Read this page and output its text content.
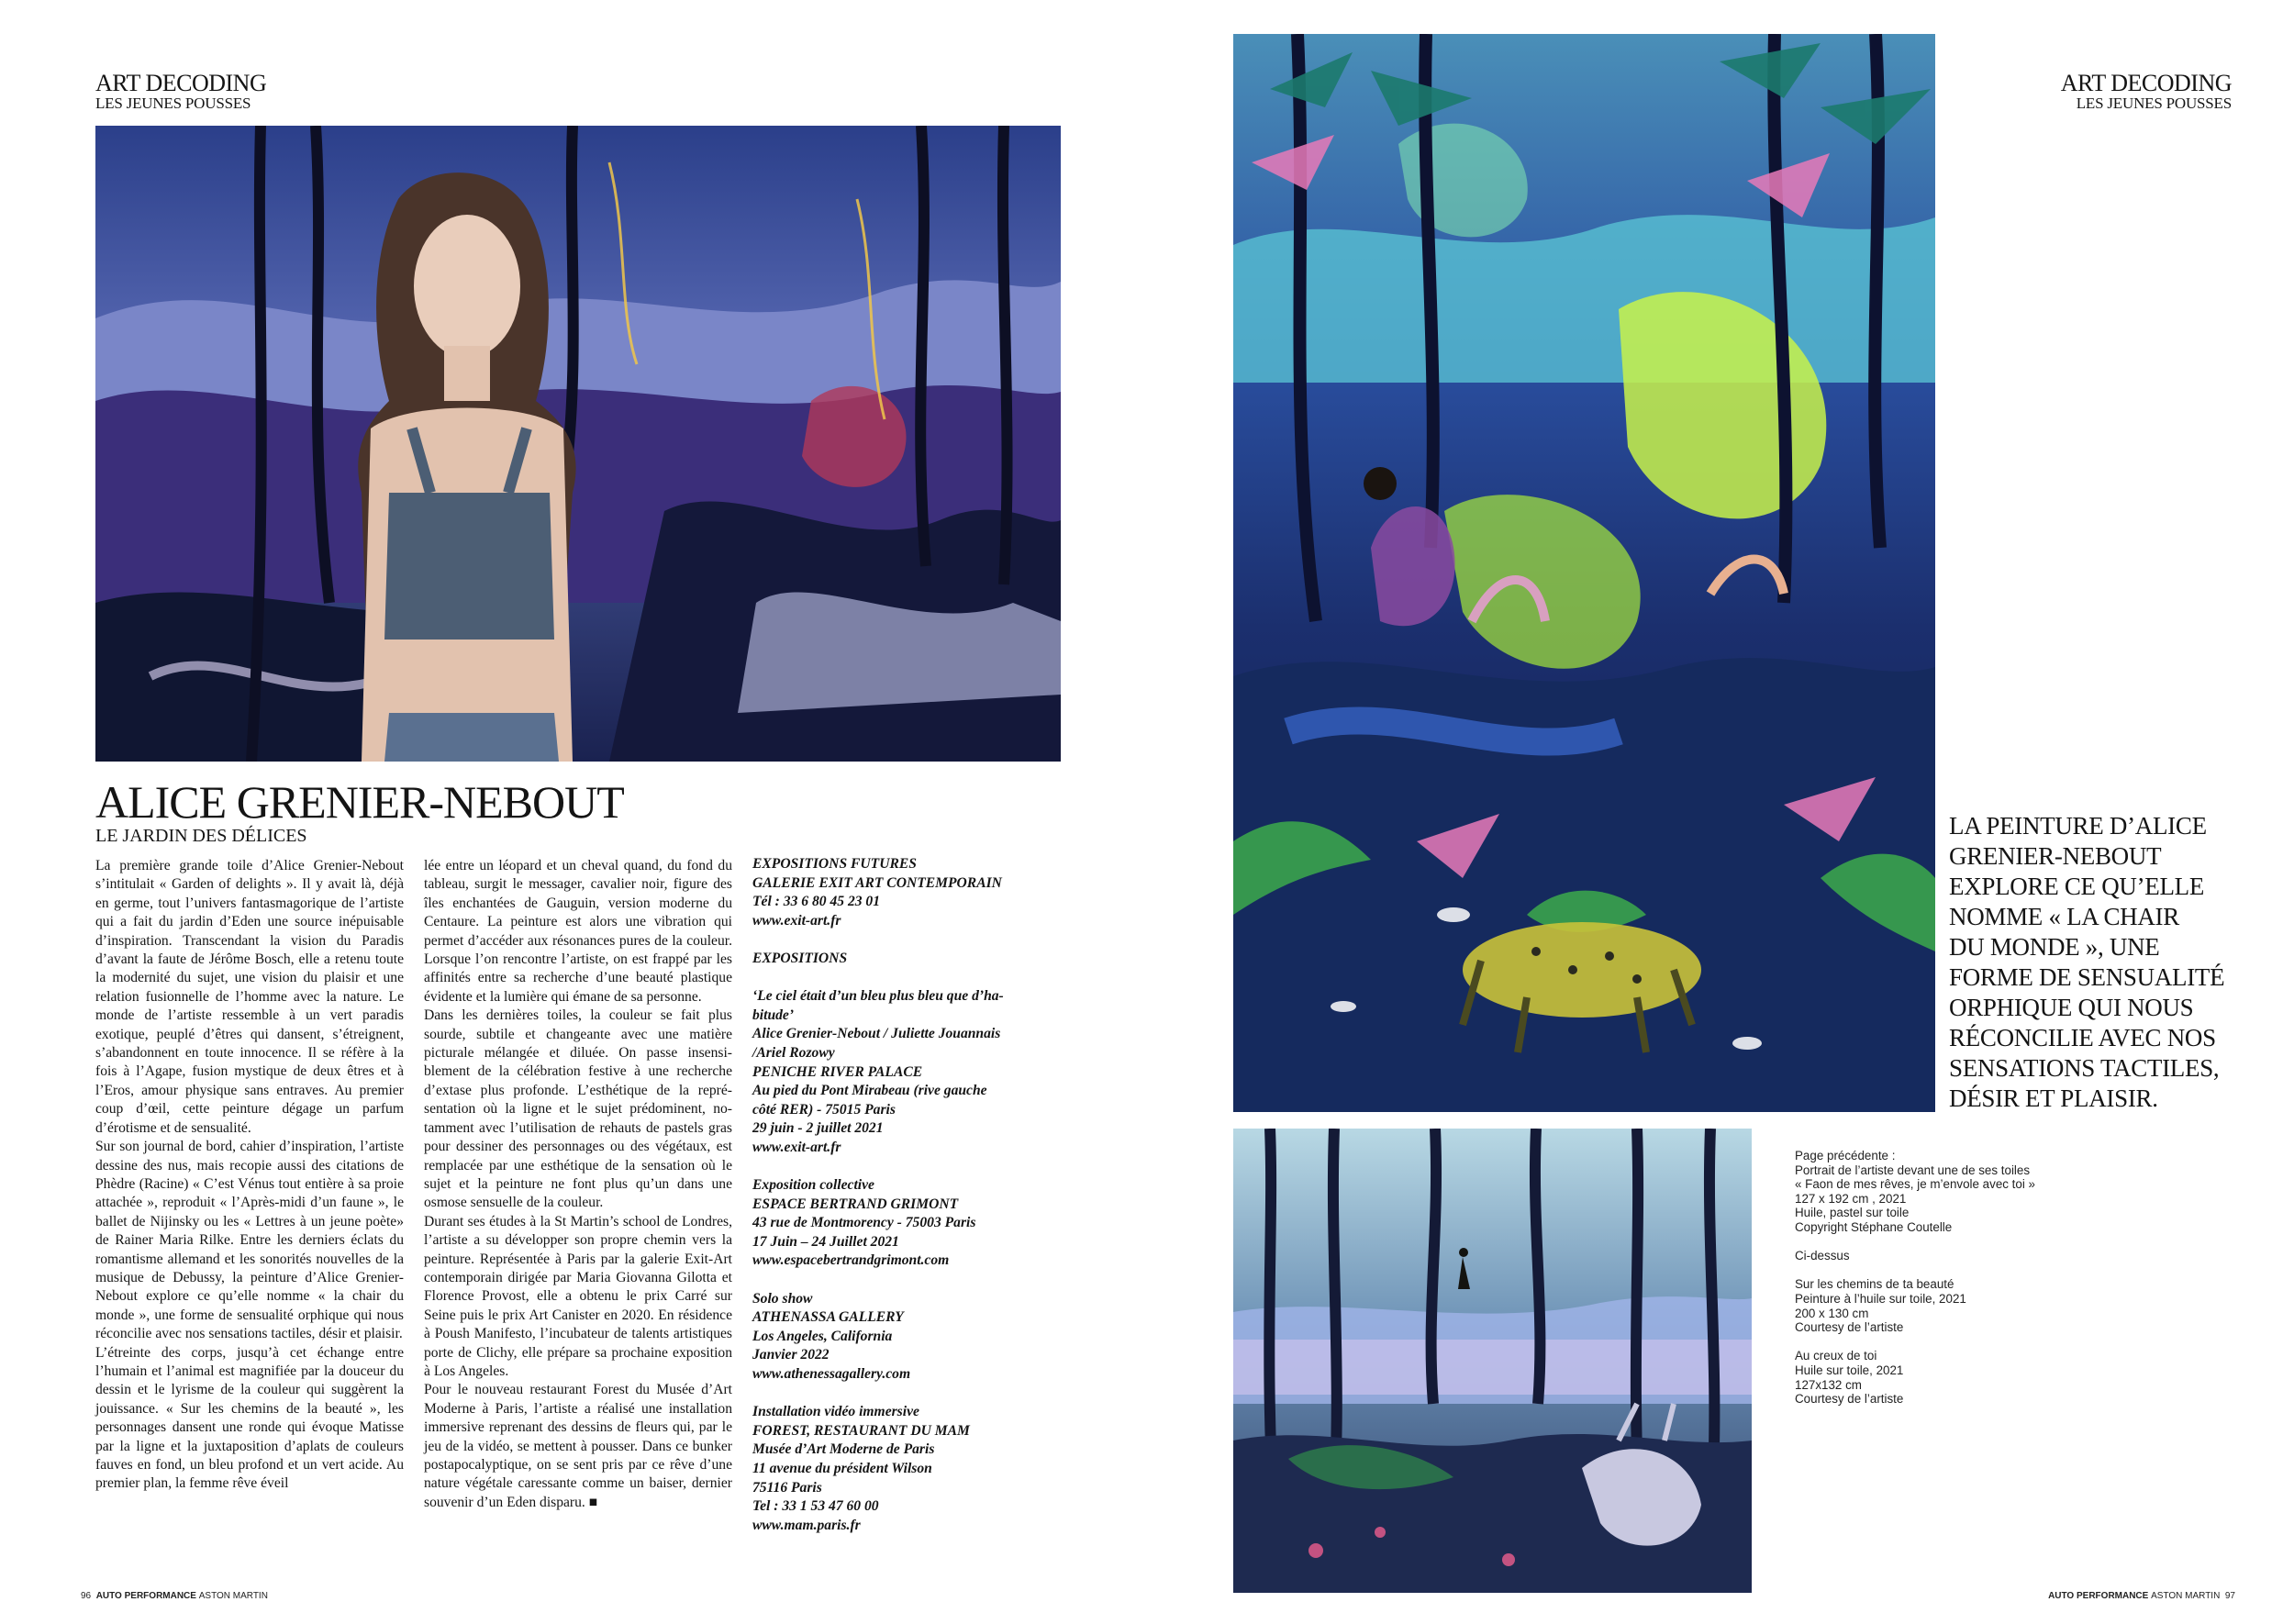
ART DECODING
LES JEUNES POUSSES
ALICE GRENIER-NEBOUT
LE JARDIN DES DÉLICES

La première grande toile d’Alice Grenier-Nebout s’intitulait « Garden of delights ». Il y avait là, déjà en germe, tout l’univers fantasmagorique de l’artiste qui a fait du jardin d’Eden une source inépuisable d’inspiration. Transcendant la vision du Paradis d’avant la faute de Jérôme Bosch, elle a retenu toute la modernité du sujet, une vision du plaisir et une relation fusionnelle de l’homme avec la nature. Le monde de l’artiste ressemble à un vert paradis exotique, peuplé d’êtres qui dansent, s’étreignent, s’abandonnent en toute innocence. Il se réfère à la fois à l’Agape, fusion mystique de deux êtres et à l’Eros, amour physique sans entraves. Au premier coup d’œil, cette peinture dégage un parfum d’érotisme et de sensualité.

Sur son journal de bord, cahier d’inspiration, l’artiste dessine des nus, mais recopie aussi des citations de Phèdre (Racine) « C’est Vénus tout entière à sa proie attachée », reproduit « l’Après-midi d’un faune », le ballet de Nijinsky ou les « Lettres à un jeune poète» de Rainer Maria Rilke. Entre les derniers éclats du romantisme allemand et les sonorités nouvelles de la musique de Debussy, la peinture d’Alice Grenier-Nebout explore ce qu’elle nomme « la chair du monde », une forme de sensualité orphique qui nous réconcilie avec nos sensations tactiles, désir et plaisir.

L’étreinte des corps, jusqu’à cet échange entre l’humain et l’animal est magnifiée par la douceur du dessin et le lyrisme de la couleur qui suggèrent la jouissance. « Sur les chemins de la beauté », les personnages dansent une ronde qui évoque Matisse par la ligne et la juxtaposition d’aplats de couleurs fauves en fond, un bleu profond et un vert acide. Au premier plan, la femme rêve éveil

lée entre un léopard et un cheval quand, du fond du tableau, surgit le messager, cavalier noir, figure des îles enchantées de Gauguin, version moderne du Centaure. La peinture est alors une vibration qui permet d’accéder aux résonances pures de la couleur. Lorsque l’on rencontre l’artiste, on est frappé par les affinités entre sa recherche d’une beauté plastique évidente et la lumière qui émane de sa personne.

Dans les dernières toiles, la couleur se fait plus sourde, subtile et changeante avec une matière picturale mélangée et diluée. On passe insensiblement de la célébration festive à une recherche d’extase plus profonde. L’esthétique de la représentation où la ligne et le sujet prédominent, notamment avec l’utilisation de rehauts de pastels gras pour dessiner des personnages ou des végétaux, est remplacée par une esthétique de la sensation où le sujet et la peinture ne font plus qu’un dans une osmose sensuelle de la couleur.

Durant ses études à la St Martin’s school de Londres, l’artiste a su développer son propre chemin vers la peinture. Représentée à Paris par la galerie Exit-Art contemporain dirigée par Maria Giovanna Gilotta et Florence Provost, elle a obtenu le prix Carré sur Seine puis le prix Art Canister en 2020. En résidence à Poush Manifesto, l’incubateur de talents artistiques porte de Clichy, elle prépare sa prochaine exposition à Los Angeles.

Pour le nouveau restaurant Forest du Musée d’Art Moderne à Paris, l’artiste a réalisé une installation immersive reprenant des dessins de fleurs qui, par le jeu de la vidéo, se mettent à pousser. Dans ce bunker postapocalyptique, on se sent pris par ce rêve d’une nature végétale caressante comme un baiser, dernier souvenir d’un Eden disparu. ■

EXPOSITIONS FUTURES
GALERIE EXIT ART CONTEMPORAIN
Tél : 33 6 80 45 23 01
www.exit-art.fr
EXPOSITIONS
‘Le ciel était d’un bleu plus bleu que d’ha-
bitude’
Alice Grenier-Nebout / Juliette Jouannais
/Ariel Rozowy
PENICHE RIVER PALACE
Au pied du Pont Mirabeau (rive gauche
côté RER) - 75015 Paris
29 juin - 2 juillet 2021
www.exit-art.fr
Exposition collective
ESPACE BERTRAND GRIMONT
43 rue de Montmorency - 75003 Paris
17 Juin – 24 Juillet 2021
www.espacebertrandgrimont.com
Solo show
ATHENASSA GALLERY
Los Angeles, California
Janvier 2022
www.athenessagallery.com
Installation vidéo immersive
FOREST, RESTAURANT DU MAM
Musée d’Art Moderne de Paris
11 avenue du président Wilson
75116 Paris
Tel : 33 1 53 47 60 00
www.mam.paris.fr
96 AUTO PERFORMANCE ASTON MARTIN
ART DECODING
LES JEUNES POUSSES
LA PEINTURE D’ALICE
GRENIER-NEBOUT
EXPLORE CE QU’ELLE
NOMME « LA CHAIR
DU MONDE », UNE
FORME DE SENSUALITÉ
ORPHIQUE QUI NOUS
RÉCONCILIE AVEC NOS
SENSATIONS TACTILES,
DÉSIR ET PLAISIR.
Page précédente :
Portrait de l’artiste devant une de ses toiles
« Faon de mes rêves, je m’envole avec toi »
127 x 192 cm , 2021
Huile, pastel sur toile
Copyright Stéphane Coutelle
Ci-dessus
Sur les chemins de ta beauté
Peinture à l’huile sur toile, 2021
200 x 130 cm
Courtesy de l’artiste
Au creux de toi
Huile sur toile, 2021
127x132 cm
Courtesy de l’artiste
AUTO PERFORMANCE ASTON MARTIN 97
